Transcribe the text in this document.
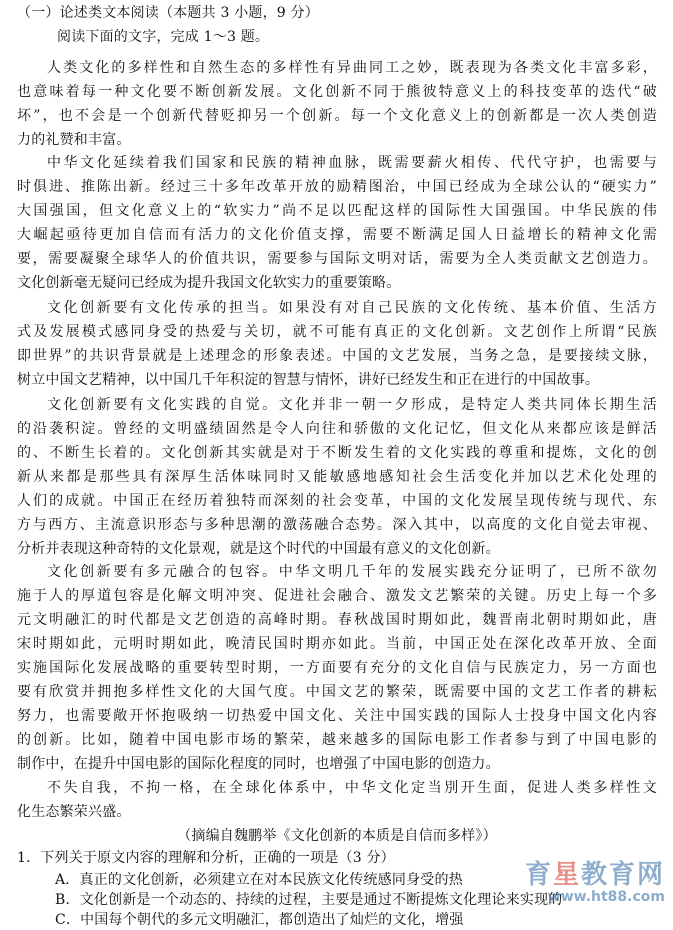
（一）论述类文本阅读（本题共 3 小题，9 分）
阅读下面的文字，完成 1～3 题。
人类文化的多样性和自然生态的多样性有异曲同工之妙，既表现为各类文化丰富多彩，
也意味着每一种文化要不断创新发展。文化创新不同于熊彼特意义上的科技变革的迭代“破
坏”，也不会是一个创新代替贬抑另一个创新。每一个文化意义上的创新都是一次人类创造
力的礼赞和丰富。
中华文化延续着我们国家和民族的精神血脉，既需要薪火相传、代代守护，也需要与
时俱进、推陈出新。经过三十多年改革开放的励精图治，中国已经成为全球公认的“硬实力”
大国强国，但文化意义上的“软实力”尚不足以匹配这样的国际性大国强国。中华民族的伟
大崛起亟待更加自信而有活力的文化价值支撑，需要不断满足国人日益增长的精神文化需
要，需要凝聚全球华人的价值共识，需要参与国际文明对话，需要为全人类贡献文艺创造力。
文化创新毫无疑问已经成为提升我国文化软实力的重要策略。
文化创新要有文化传承的担当。如果没有对自己民族的文化传统、基本价值、生活方
式及发展模式感同身受的热爱与关切，就不可能有真正的文化创新。文艺创作上所谓“民族
即世界”的共识背景就是上述理念的形象表述。中国的文艺发展，当务之急，是要接续文脉，
树立中国文艺精神，以中国几千年积淀的智慧与情怀，讲好已经发生和正在进行的中国故事。
文化创新要有文化实践的自觉。文化并非一朝一夕形成，是特定人类共同体长期生活
的沿袭积淀。曾经的文明盛绩固然是令人向往和骄傲的文化记忆，但文化从来都应该是鲜活
的、不断生长着的。文化创新其实就是对于不断发生着的文化实践的尊重和提炼，文化的创
新从来都是那些具有深厚生活体味同时又能敏感地感知社会生活变化并加以艺术化处理的
人们的成就。中国正在经历着独特而深刻的社会变革，中国的文化发展呈现传统与现代、东
方与西方、主流意识形态与多种思潮的激荡融合态势。深入其中，以高度的文化自觉去审视、
分析并表现这种奇特的文化景观，就是这个时代的中国最有意义的文化创新。
文化创新要有多元融合的包容。中华文明几千年的发展实践充分证明了，已所不欲勿
施于人的厚道包容是化解文明冲突、促进社会融合、激发文艺繁荣的关键。历史上每一个多
元文明融汇的时代都是文艺创造的高峰时期。春秋战国时期如此，魏晋南北朝时期如此，唐
宋时期如此，元明时期如此，晚清民国时期亦如此。当前，中国正处在深化改革开放、全面
实施国际化发展战略的重要转型时期，一方面要有充分的文化自信与民族定力，另一方面也
要有欣赏并拥抱多样性文化的大国气度。中国文艺的繁荣，既需要中国的文艺工作者的耕耘
努力，也需要敞开怀抱吸纳一切热爱中国文化、关注中国实践的国际人士投身中国文化内容
的创新。比如，随着中国电影市场的繁荣，越来越多的国际电影工作者参与到了中国电影的
制作中，在提升中国电影的国际化程度的同时，也增强了中国电影的创造力。
不失自我，不拘一格，在全球化体系中，中华文化定当別开生面，促进人类多样性文
化生态繁荣兴盛。
（摘编自魏鹏举《文化创新的本质是自信而多样》）
1．下列关于原文内容的理解和分析，正确的一项是（3 分）
A．真正的文化创新，必须建立在对本民族文化传统感同身受的热
B．文化创新是一个动态的、持续的过程，主要是通过不断提炼文化理论来实现的
C．中国每个朝代的多元文明融汇，都创造出了灿烂的文化，增强
育星教育网
www.ht88.com
